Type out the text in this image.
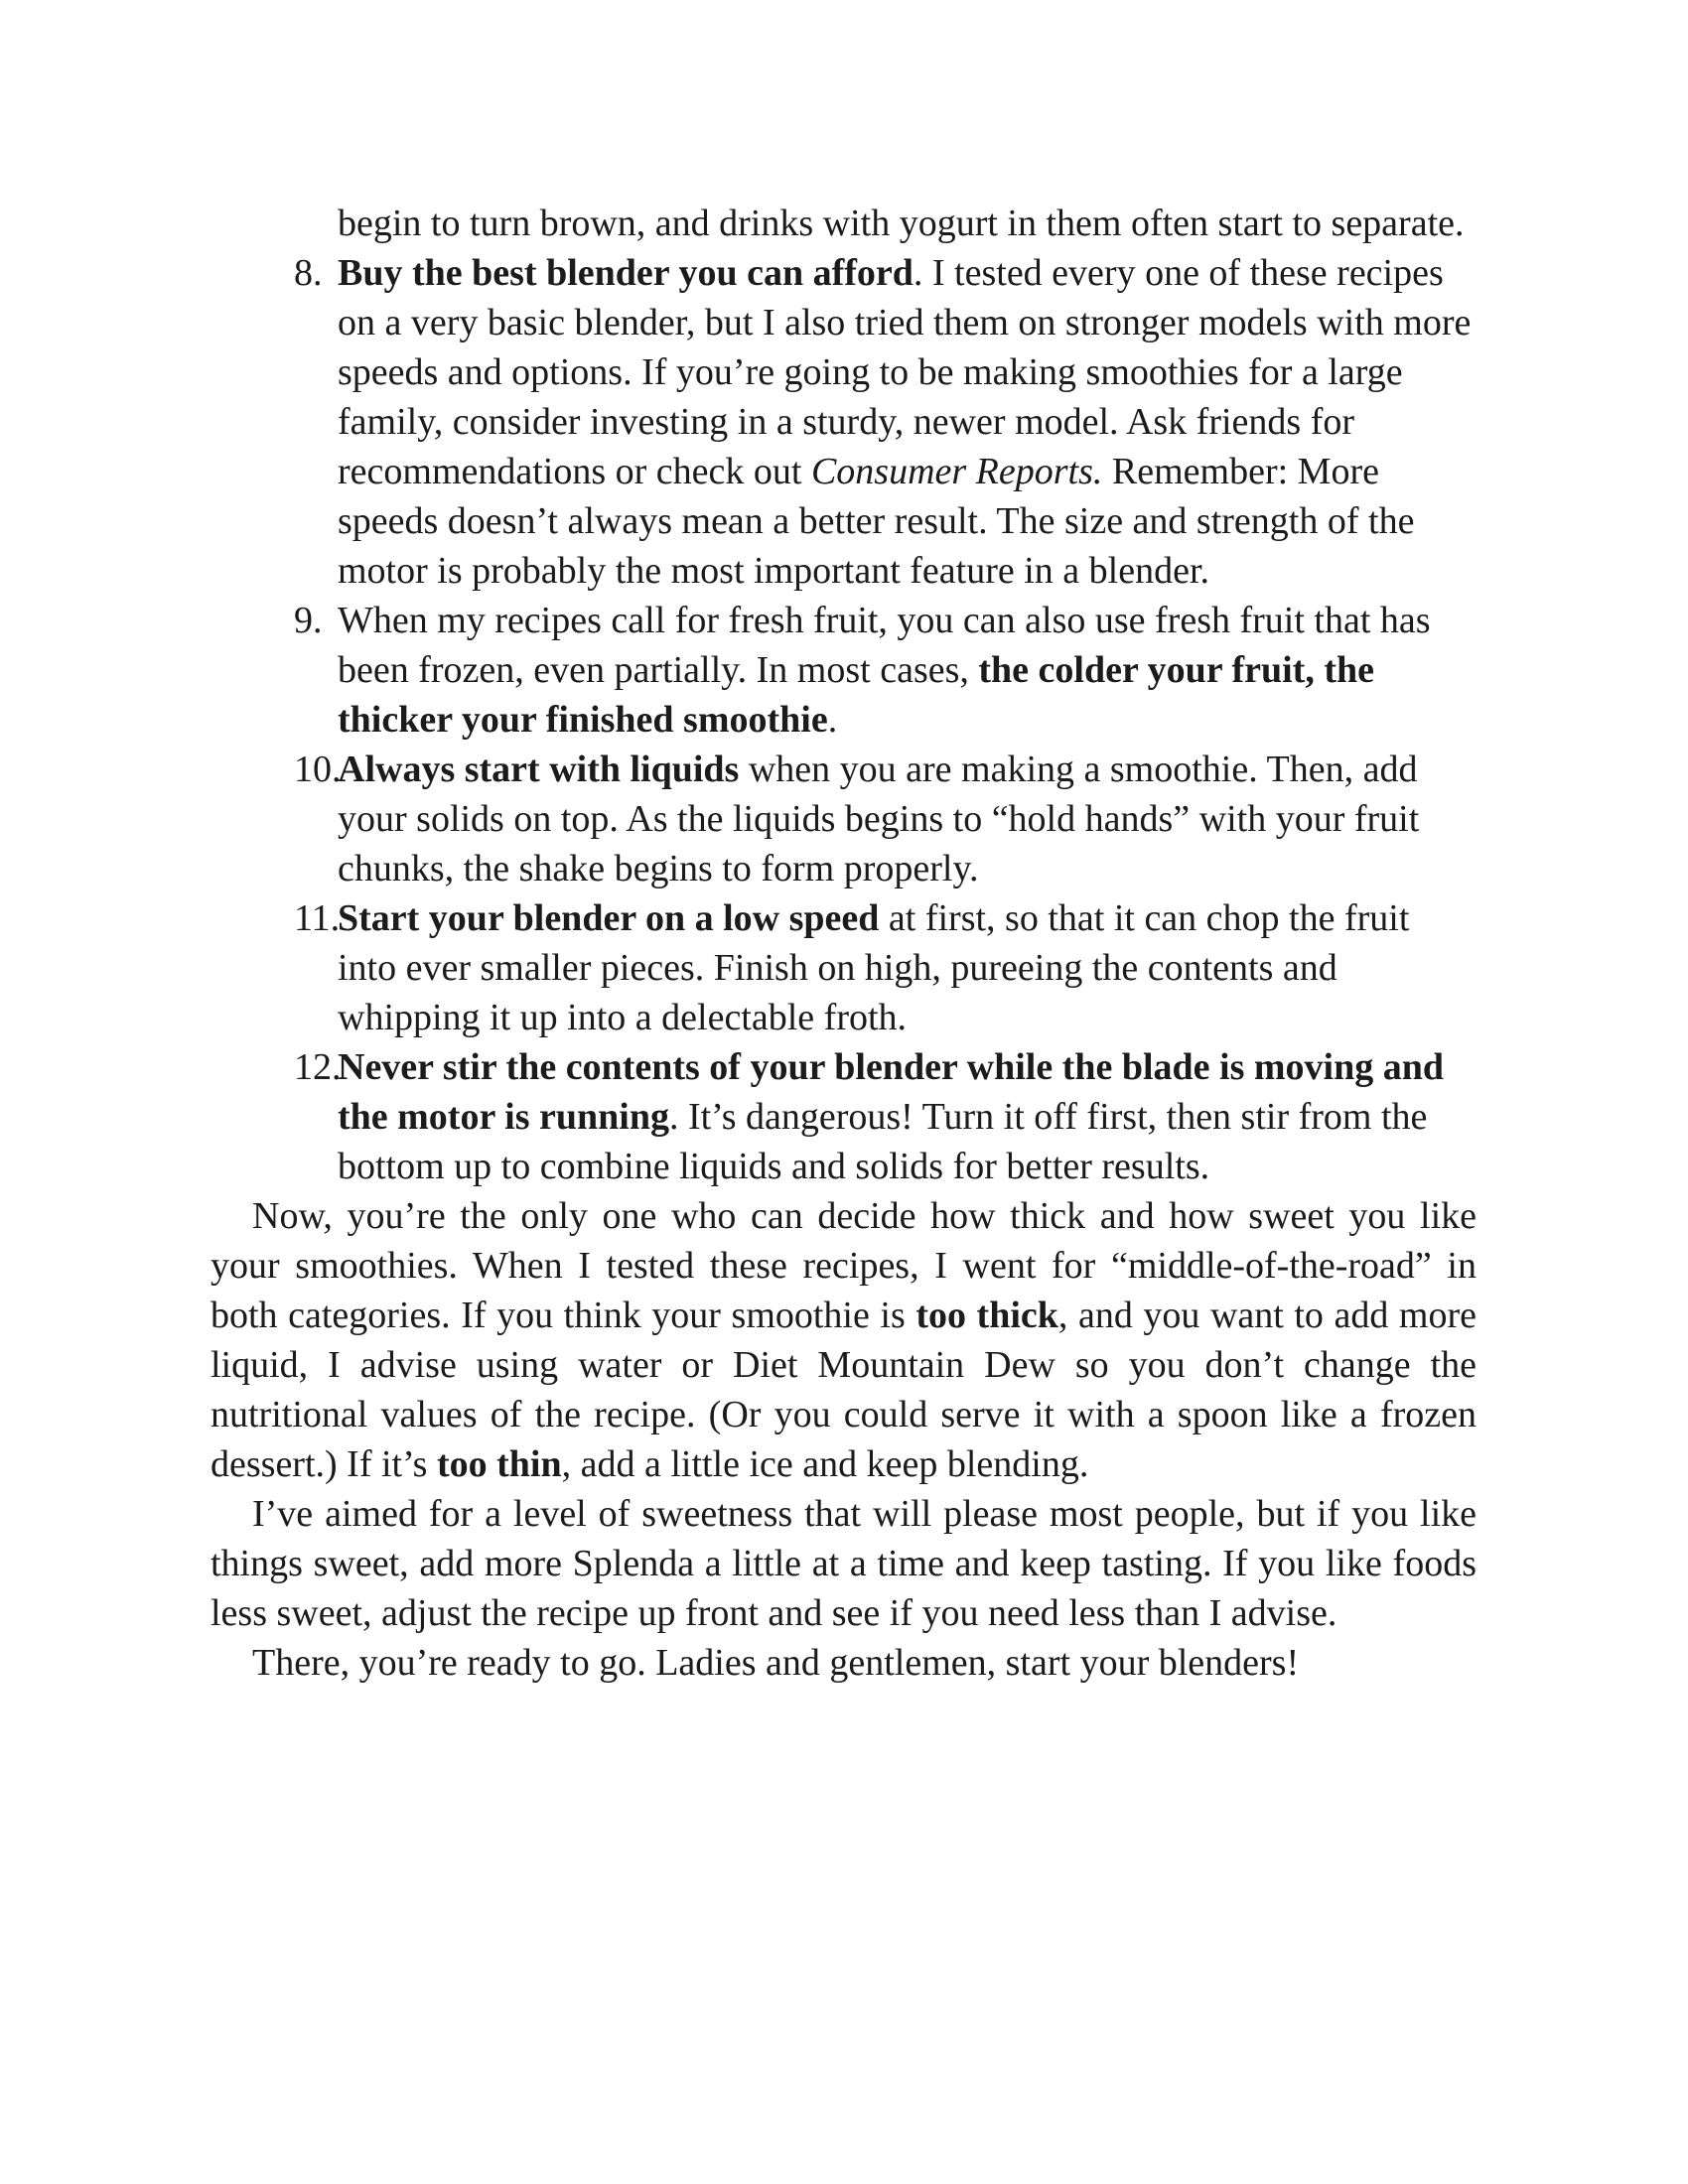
begin to turn brown, and drinks with yogurt in them often start to separate.
8. Buy the best blender you can afford. I tested every one of these recipes on a very basic blender, but I also tried them on stronger models with more speeds and options. If you’re going to be making smoothies for a large family, consider investing in a sturdy, newer model. Ask friends for recommendations or check out Consumer Reports. Remember: More speeds doesn’t always mean a better result. The size and strength of the motor is probably the most important feature in a blender.
9. When my recipes call for fresh fruit, you can also use fresh fruit that has been frozen, even partially. In most cases, the colder your fruit, the thicker your finished smoothie.
10.
Always start with liquids when you are making a smoothie. Then, add your solids on top. As the liquids begins to “hold hands” with your fruit chunks, the shake begins to form properly.
11.
Start your blender on a low speed at first, so that it can chop the fruit into ever smaller pieces. Finish on high, pureeing the contents and whipping it up into a delectable froth.
12.
Never stir the contents of your blender while the blade is moving and the motor is running. It’s dangerous! Turn it off first, then stir from the bottom up to combine liquids and solids for better results.

Now, you’re the only one who can decide how thick and how sweet you like your smoothies. When I tested these recipes, I went for “middle-of-the-road” in both categories. If you think your smoothie is too thick, and you want to add more liquid, I advise using water or Diet Mountain Dew so you don’t change the nutritional values of the recipe. (Or you could serve it with a spoon like a frozen dessert.) If it’s too thin, add a little ice and keep blending.

I’ve aimed for a level of sweetness that will please most people, but if you like things sweet, add more Splenda a little at a time and keep tasting. If you like foods less sweet, adjust the recipe up front and see if you need less than I advise.

There, you’re ready to go. Ladies and gentlemen, start your blenders!
